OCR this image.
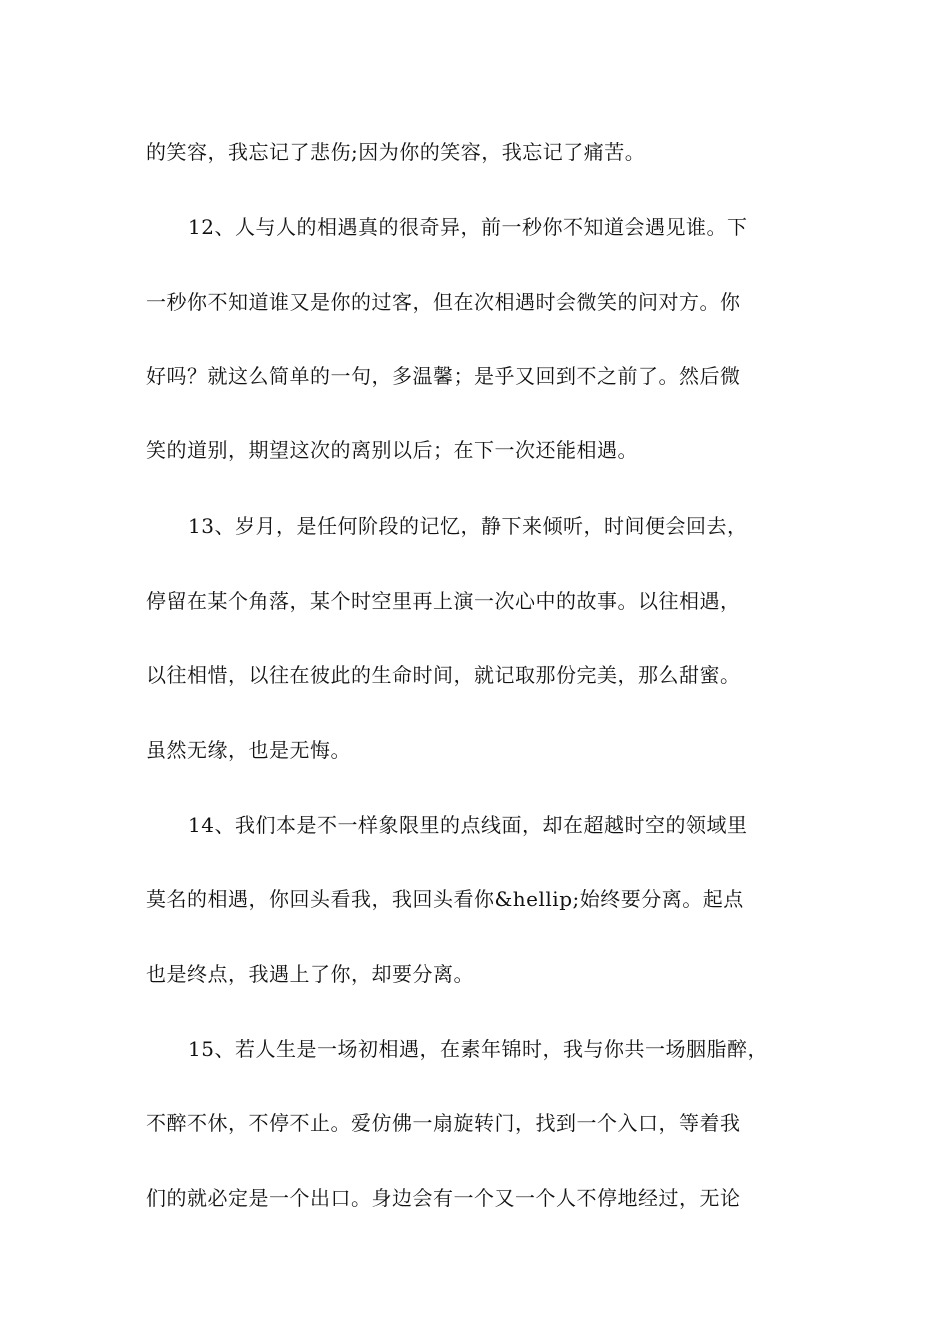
的笑容，我忘记了悲伤;因为你的笑容，我忘记了痛苦。
12、人与人的相遇真的很奇异，前一秒你不知道会遇见谁。下
一秒你不知道谁又是你的过客，但在次相遇时会微笑的问对方。你
好吗？就这么简单的一句，多温馨；是乎又回到不之前了。然后微
笑的道别，期望这次的离别以后；在下一次还能相遇。
13、岁月，是任何阶段的记忆，静下来倾听，时间便会回去，
停留在某个角落，某个时空里再上演一次心中的故事。以往相遇，
以往相惜，以往在彼此的生命时间，就记取那份完美，那么甜蜜。
虽然无缘，也是无悔。
14、我们本是不一样象限里的点线面，却在超越时空的领域里
莫名的相遇，你回头看我，我回头看你&hellip;始终要分离。起点
也是终点，我遇上了你，却要分离。
15、若人生是一场初相遇，在素年锦时，我与你共一场胭脂醉，
不醉不休，不停不止。爱仿佛一扇旋转门，找到一个入口，等着我
们的就必定是一个出口。身边会有一个又一个人不停地经过，无论
